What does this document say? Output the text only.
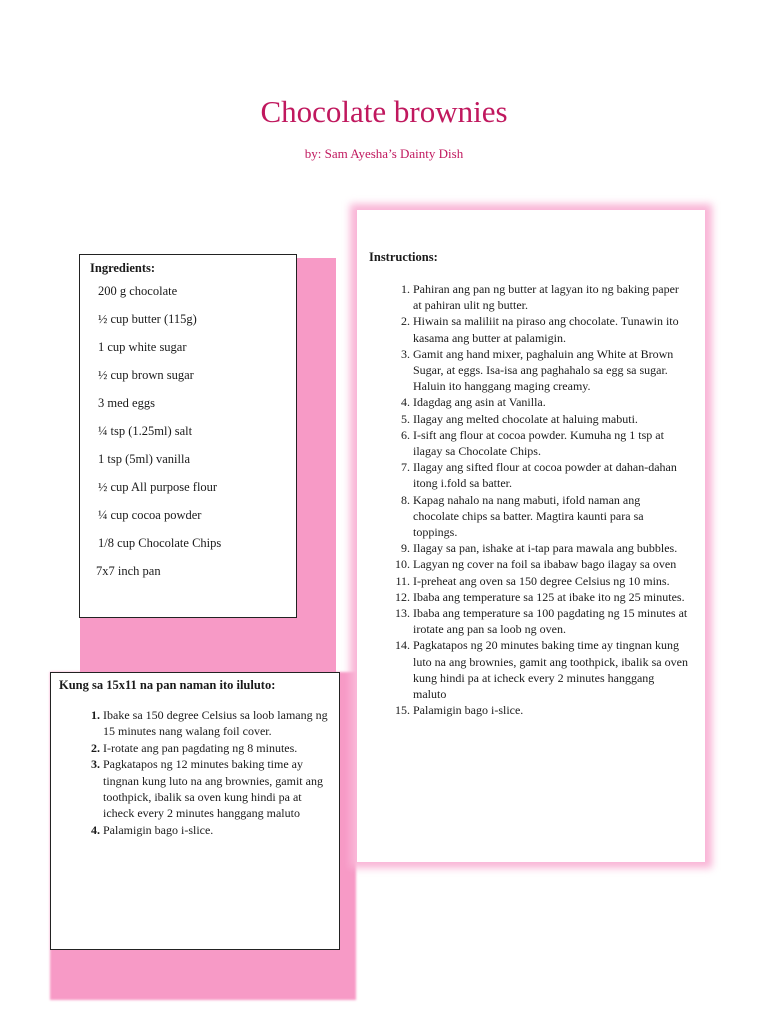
Chocolate brownies
by: Sam Ayesha’s Dainty Dish
Ingredients:
200 g chocolate
½ cup butter (115g)
1 cup white sugar
½ cup brown sugar
3 med eggs
¼ tsp (1.25ml) salt
1 tsp (5ml) vanilla
½ cup All purpose flour
¼ cup cocoa powder
1/8 cup Chocolate Chips
7x7 inch pan
Kung sa 15x11 na pan naman ito iluluto:
1. Ibake sa 150 degree Celsius sa loob lamang ng 15 minutes nang walang foil cover.
2. I-rotate ang pan pagdating ng 8 minutes.
3. Pagkatapos ng 12 minutes baking time ay tingnan kung luto na ang brownies, gamit ang toothpick, ibalik sa oven kung hindi pa at icheck every 2 minutes hanggang maluto
4. Palamigin bago i-slice.
Instructions:
1. Pahiran ang pan ng butter at lagyan ito ng baking paper at pahiran ulit ng butter.
2. Hiwain sa maliliit na piraso ang chocolate. Tunawin ito kasama ang butter at palamigin.
3. Gamit ang hand mixer, paghaluin ang White at Brown Sugar, at eggs. Isa-isa ang paghahalo sa egg sa sugar. Haluin ito hanggang maging creamy.
4. Idagdag ang asin at Vanilla.
5. Ilagay ang melted chocolate at haluing mabuti.
6. I-sift ang flour at cocoa powder. Kumuha ng 1 tsp at ilagay sa Chocolate Chips.
7. Ilagay ang sifted flour at cocoa powder at dahan-dahan itong i.fold sa batter.
8. Kapag nahalo na nang mabuti, ifold naman ang chocolate chips sa batter. Magtira kaunti para sa toppings.
9. Ilagay sa pan, ishake at i-tap para mawala ang bubbles.
10. Lagyan ng cover na foil sa ibabaw bago ilagay sa oven
11. I-preheat ang oven sa 150 degree Celsius ng 10 mins.
12. Ibaba ang temperature sa 125 at ibake ito ng 25 minutes.
13. Ibaba ang temperature sa 100 pagdating ng 15 minutes at irotate ang pan sa loob ng oven.
14. Pagkatapos ng 20 minutes baking time ay tingnan kung luto na ang brownies, gamit ang toothpick, ibalik sa oven kung hindi pa at icheck every 2 minutes hanggang maluto
15. Palamigin bago i-slice.
